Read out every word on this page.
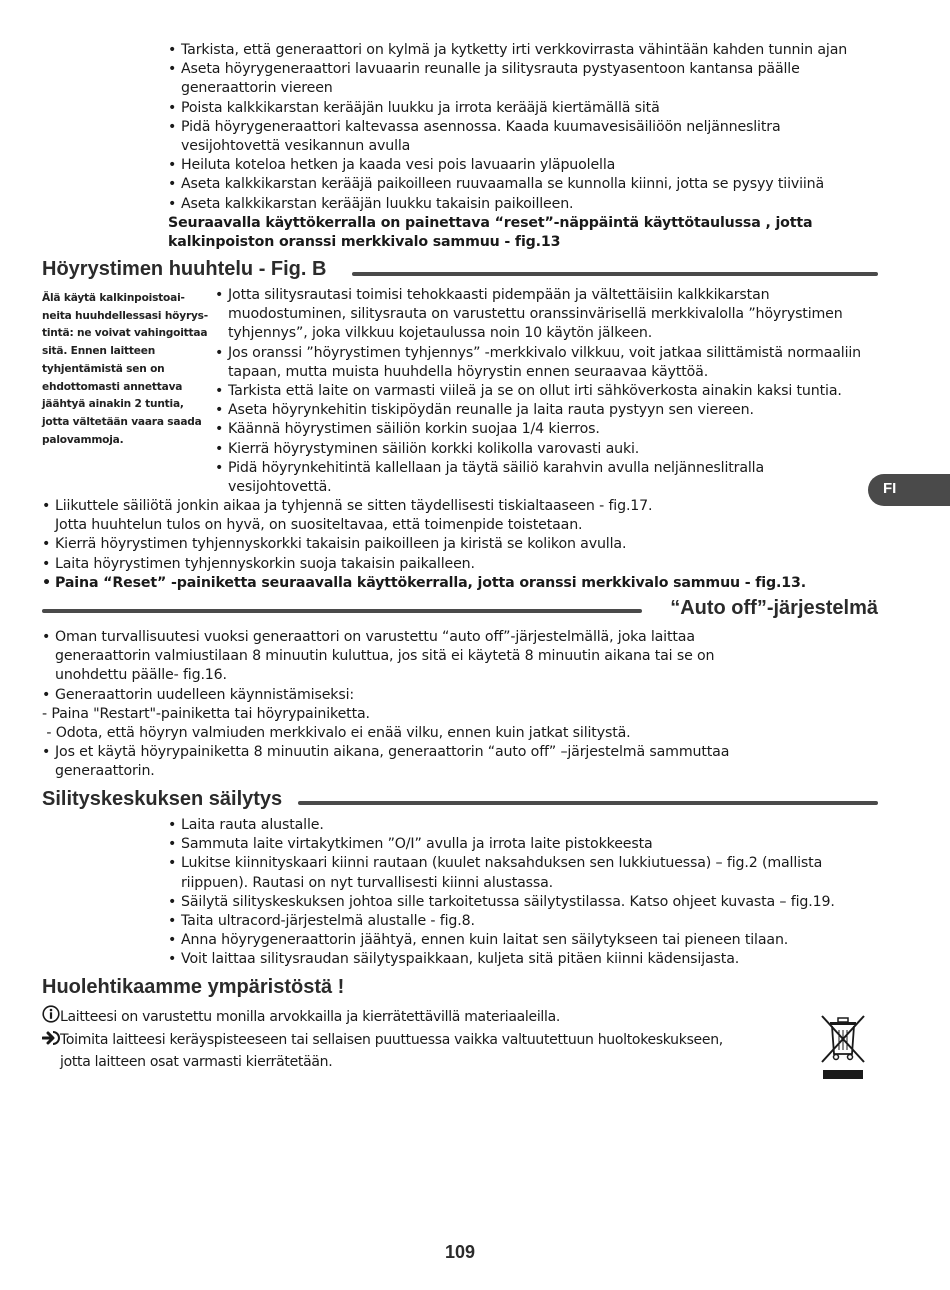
• Tarkista, että generaattori on kylmä ja kytketty irti verkkovirrasta vähintään kahden tunnin ajan
• Aseta höyrygeneraattori lavuaarin reunalle ja silitysrauta pystyasentoon kantansa päälle generaattorin viereen
• Poista kalkkikarstan kerääjän luukku ja irrota kerääjä kiertämällä sitä
• Pidä höyrygeneraattori kaltevassa asennossa. Kaada kuumavesisäiliöön neljänneslitra vesijohtovettä vesikannun avulla
• Heiluta koteloa hetken ja kaada vesi pois lavuaarin yläpuolella
• Aseta kalkkikarstan kerääjä paikoilleen ruuvaamalla se kunnolla kiinni, jotta se pysyy tiiviinä
• Aseta kalkkikarstan kerääjän luukku takaisin paikoilleen.
Seuraavalla käyttökerralla on painettava “reset”-näppäintä käyttötaulussa , jotta kalkinpoiston oranssi merkkivalo sammuu - fig.13
Höyrystimen huuhtelu - Fig. B
Älä käytä kalkinpoistoai-neita huuhdellessasi höyrys-tintä: ne voivat vahingoittaa sitä. Ennen laitteen tyhjentämistä sen on ehdottomasti annettava jäähtyä ainakin 2 tuntia, jotta vältetään vaara saada palovammoja.
• Jotta silitysrautasi toimisi tehokkaasti pidempään ja vältettäisiin kalkkikarstan muodostuminen, silitysrauta on varustettu oranssinvärisellä merkkivalolla ”höyrystimen tyhjennys”, joka vilkkuu kojetaulussa noin 10 käytön jälkeen.
• Jos oranssi ”höyrystimen tyhjennys” -merkkivalo vilkkuu, voit jatkaa silittämistä normaaliin tapaan, mutta muista huuhdella höyrystin ennen seuraavaa käyttöä.
• Tarkista että laite on varmasti viileä ja se on ollut irti sähköverkosta ainakin kaksi tuntia.
• Aseta höyrynkehitin tiskipöydän reunalle ja laita rauta pystyyn sen viereen.
• Käännä höyrystimen säiliön korkin suojaa 1/4 kierros.
• Kierrä höyrystyminen säiliön korkki kolikolla varovasti auki.
• Pidä höyrynkehitintä kallellaan ja täytä säiliö karahvin avulla neljänneslitralla vesijohtovettä.
• Liikuttele säiliötä jonkin aikaa ja tyhjennä se sitten täydellisesti tiskialtaaseen - fig.17.
Jotta huuhtelun tulos on hyvä, on suositeltavaa, että toimenpide toistetaan.
• Kierrä höyrystimen tyhjennyskorkki takaisin paikoilleen ja kiristä se kolikon avulla.
• Laita höyrystimen tyhjennyskorkin suoja takaisin paikalleen.
• Paina “Reset” -painiketta seuraavalla käyttökerralla, jotta oranssi merkkivalo sammuu - fig.13.
“Auto off”-järjestelmä
• Oman turvallisuutesi vuoksi generaattori on varustettu “auto off”-järjestelmällä, joka laittaa generaattorin valmiustilaan 8 minuutin kuluttua, jos sitä ei käytetä 8 minuutin aikana tai se on unohdettu päälle- fig.16.
• Generaattorin uudelleen käynnistämiseksi:
- Paina "Restart"-painiketta tai höyrypainiketta.
- Odota, että höyryn valmiuden merkkivalo ei enää vilku, ennen kuin jatkat silitystä.
• Jos et käytä höyrypainiketta 8 minuutin aikana, generaattorin “auto off” –järjestelmä sammuttaa generaattorin.
Silityskeskuksen säilytys
• Laita rauta alustalle.
• Sammuta laite virtakytkimen ”O/I” avulla ja irrota laite pistokkeesta
• Lukitse kiinnityskaari kiinni rautaan (kuulet naksahduksen sen lukkiutuessa) – fig.2 (mallista riippuen). Rautasi on nyt turvallisesti kiinni alustassa.
• Säilytä silityskeskuksen johtoa sille tarkoitetussa säilytystilassa. Katso ohjeet kuvasta – fig.19.
• Taita ultracord-järjestelmä alustalle - fig.8.
• Anna höyrygeneraattorin jäähtyä, ennen kuin laitat sen säilytykseen tai pieneen tilaan.
• Voit laittaa silitysraudan säilytyspaikkaan, kuljeta sitä pitäen kiinni kädensijasta.
Huolehtikaamme ympäristöstä !
Laitteesi on varustettu monilla arvokkailla ja kierrätettävillä materiaaleilla.
Toimita laitteesi keräyspisteeseen tai sellaisen puuttuessa vaikka valtuutettuun huoltokeskukseen,
jotta laitteen osat varmasti kierrätetään.
FI
109
